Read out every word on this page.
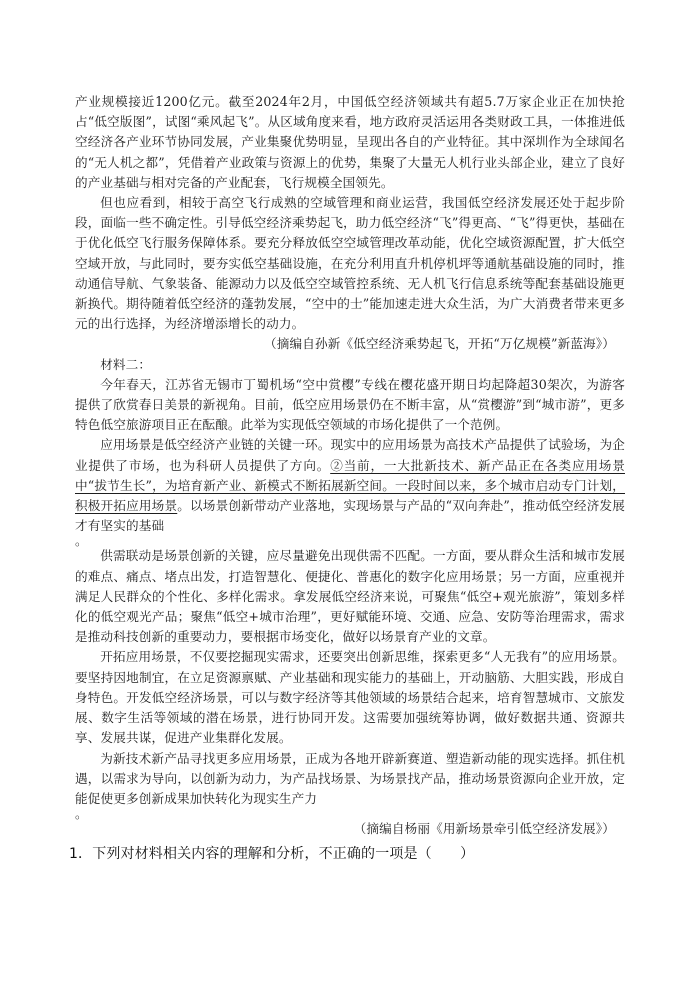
产业规模接近1200亿元。截至2024年2月，中国低空经济领域共有超5.7万家企业正在加快抢占“低空版图”，试图“乘风起飞”。从区域角度来看，地方政府灵活运用各类财政工具，一体推进低空经济各产业环节协同发展，产业集聚优势明显，呈现出各自的产业特征。其中深圳作为全球闻名的“无人机之都”，凭借着产业政策与资源上的优势，集聚了大量无人机行业头部企业，建立了良好的产业基础与相对完备的产业配套，飞行规模全国领先。

但也应看到，相较于高空飞行成熟的空域管理和商业运营，我国低空经济发展还处于起步阶段，面临一些不确定性。引导低空经济乘势起飞，助力低空经济“飞”得更高、“飞”得更快，基础在于优化低空飞行服务保障体系。要充分释放低空空域管理改革动能，优化空域资源配置，扩大低空空域开放，与此同时，要夯实低空基础设施，在充分利用直升机停机坪等通航基础设施的同时，推动通信导航、气象装备、能源动力以及低空空域管控系统、无人机飞行信息系统等配套基础设施更新换代。期待随着低空经济的蓬勃发展，“空中的士”能加速走进大众生活，为广大消费者带来更多元的出行选择，为经济增添增长的动力。

（摘编自孙新《低空经济乘势起飞，开拓“万亿规模”新蓝海》）

材料二：

今年春天，江苏省无锡市丁蜀机场“空中赏樱”专线在樱花盛开期日均起降超30架次，为游客提供了欣赏春日美景的新视角。目前，低空应用场景仍在不断丰富，从“赏樱游”到“城市游”，更多特色低空旅游项目正在酝酿。此举为实现低空领域的市场化提供了一个范例。

应用场景是低空经济产业链的关键一环。现实中的应用场景为高技术产品提供了试验场，为企业提供了市场，也为科研人员提供了方向。②当前，一大批新技术、新产品正在各类应用场景中“拔节生长”，为培育新产业、新模式不断拓展新空间。一段时间以来，多个城市启动专门计划，积极开拓应用场景。以场景创新带动产业落地，实现场景与产品的“双向奔赴”，推动低空经济发展才有坚实的基础

。

供需联动是场景创新的关键，应尽量避免出现供需不匹配。一方面，要从群众生活和城市发展的难点、痛点、堵点出发，打造智慧化、便捷化、普惠化的数字化应用场景；另一方面，应重视并满足人民群众的个性化、多样化需求。拿发展低空经济来说，可聚焦“低空+观光旅游”，策划多样化的低空观光产品；聚焦“低空+城市治理”，更好赋能环境、交通、应急、安防等治理需求，需求是推动科技创新的重要动力，要根据市场变化，做好以场景育产业的文章。

开拓应用场景，不仅要挖掘现实需求，还要突出创新思维，探索更多“人无我有”的应用场景。要坚持因地制宜，在立足资源禀赋、产业基础和现实能力的基础上，开动脑筋、大胆实践，形成自身特色。开发低空经济场景，可以与数字经济等其他领域的场景结合起来，培育智慧城市、文旅发展、数字生活等领域的潜在场景，进行协同开发。这需要加强统筹协调，做好数据共通、资源共享、发展共谋，促进产业集群化发展。

为新技术新产品寻找更多应用场景，正成为各地开辟新赛道、塑造新动能的现实选择。抓住机遇，以需求为导向，以创新为动力，为产品找场景、为场景找产品，推动场景资源向企业开放，定能促使更多创新成果加快转化为现实生产力

。

（摘编自杨丽《用新场景牵引低空经济发展》）

1．下列对材料相关内容的理解和分析，不正确的一项是（　　）
